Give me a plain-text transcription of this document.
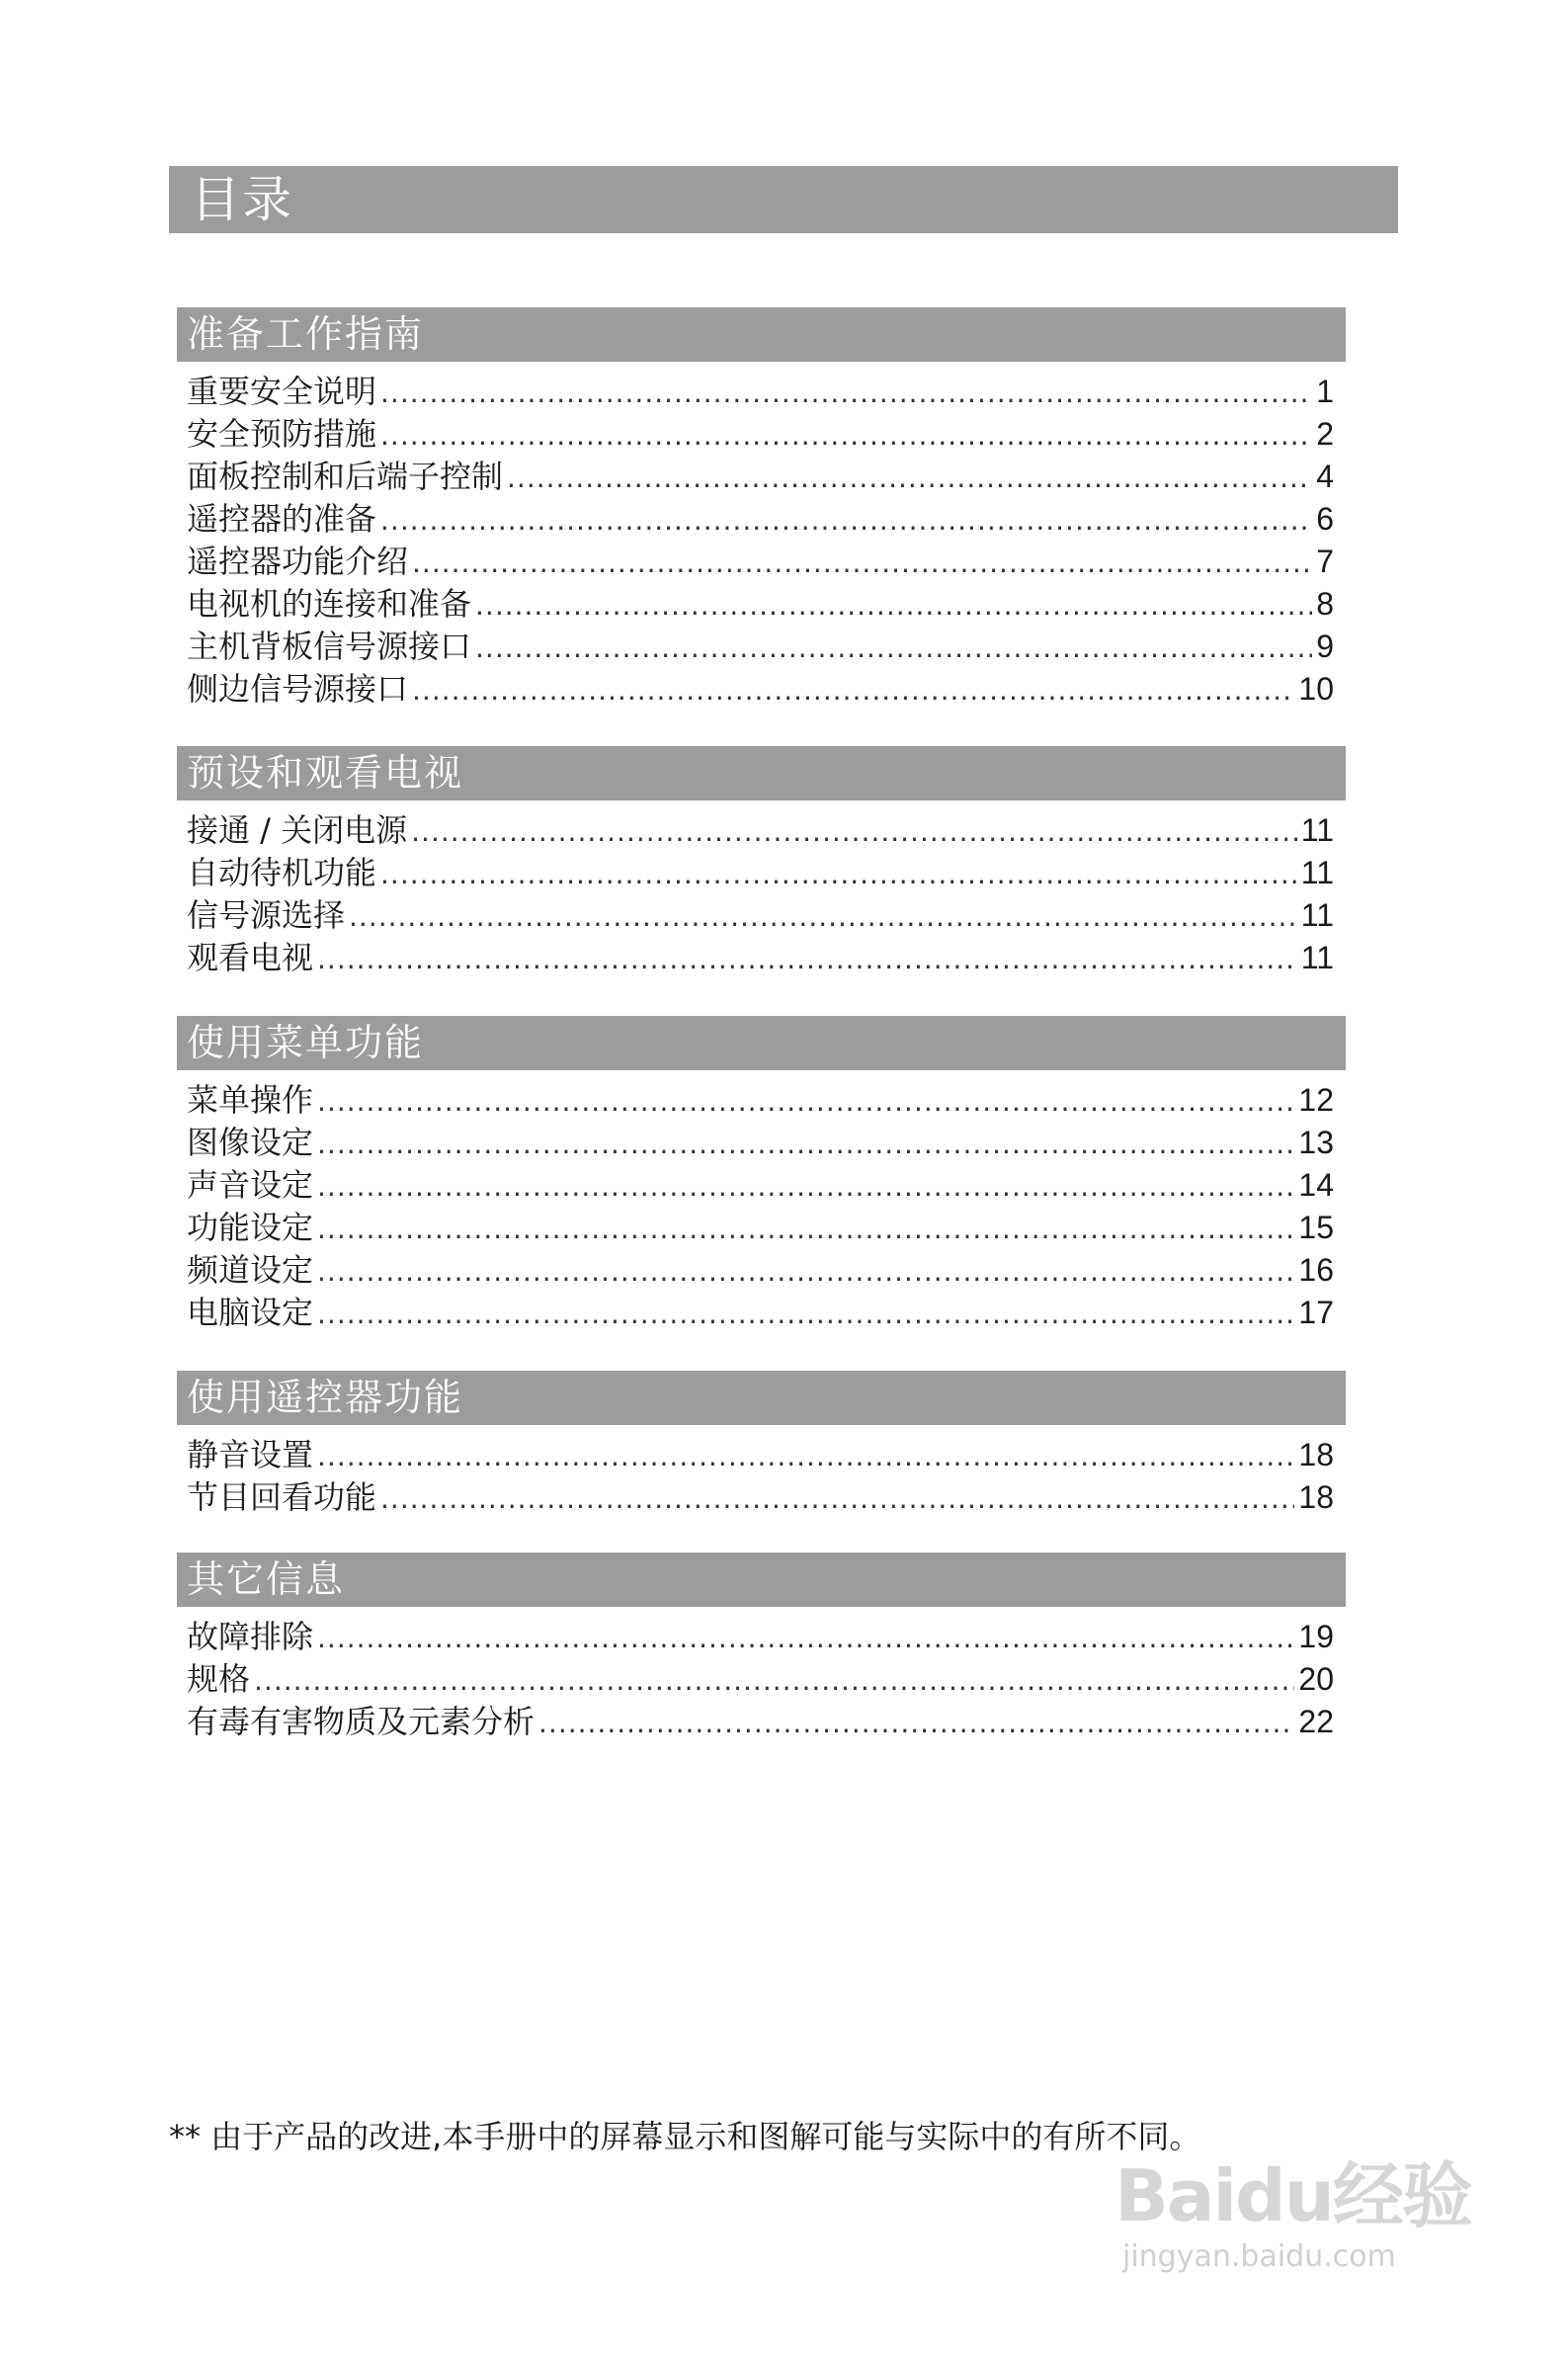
目录
准备工作指南
重要安全说明 .....	1
安全预防措施 .....	2
面板控制和后端子控制 .....	4
遥控器的准备 .....	6
遥控器功能介绍 .....	7
电视机的连接和准备 .....	8
主机背板信号源接口 .....	9
侧边信号源接口 .....	10
预设和观看电视
接通 / 关闭电源 .....	11
自动待机功能 .....	11
信号源选择 .....	11
观看电视 .....	11
使用菜单功能
菜单操作 .....	12
图像设定 .....	13
声音设定 .....	14
功能设定 .....	15
频道设定 .....	16
电脑设定 .....	17
使用遥控器功能
静音设置 .....	18
节目回看功能 .....	18
其它信息
故障排除 .....	19
规格 .....	20
有毒有害物质及元素分析 .....	22
** 由于产品的改进,本手册中的屏幕显示和图解可能与实际中的有所不同。
Baidu经验
jingyan.baidu.com
